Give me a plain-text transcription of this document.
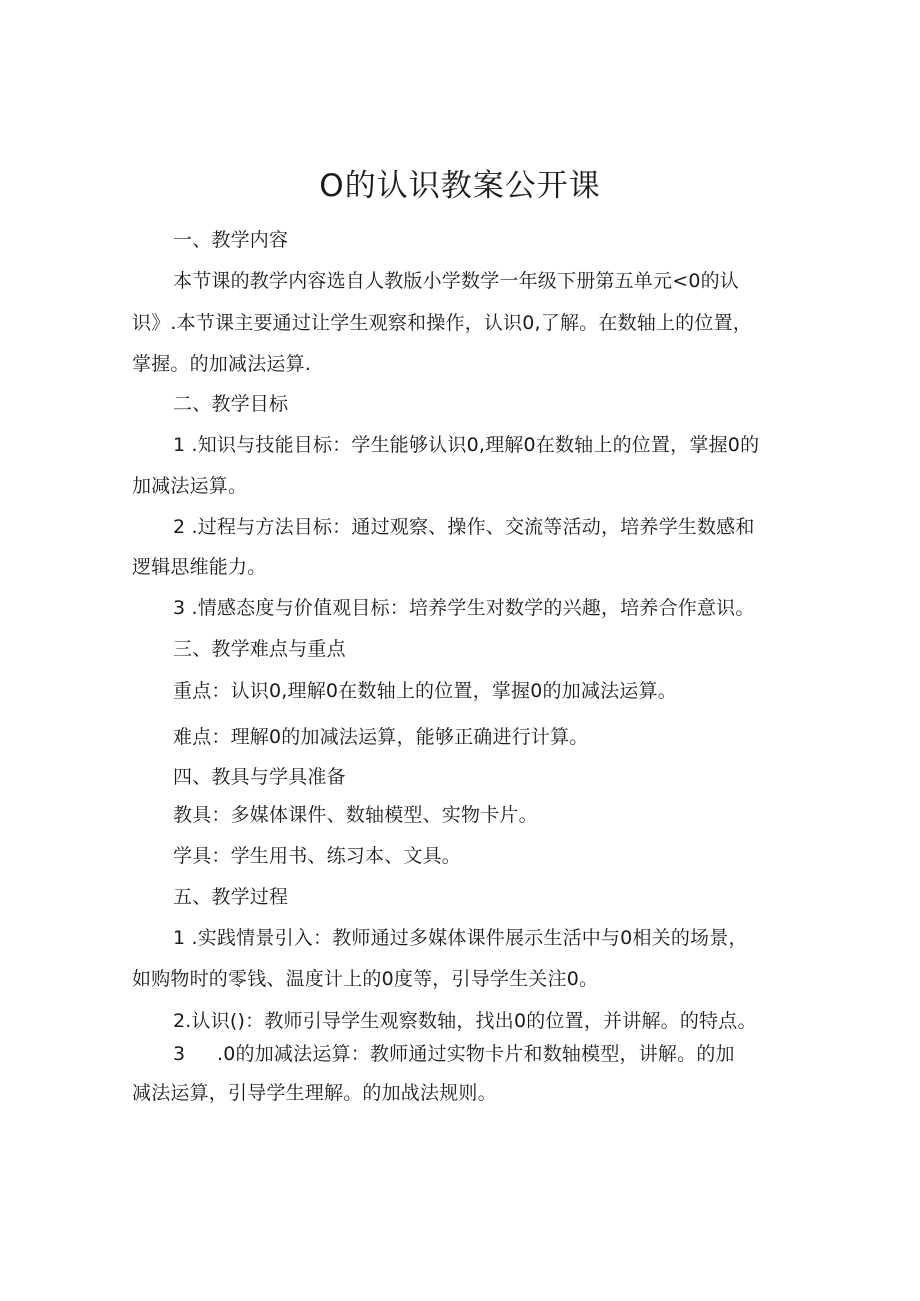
O的认识教案公开课
一、教学内容
本节课的教学内容选自人教版小学数学一年级下册第五单元<0的认
识》.本节课主要通过让学生观察和操作，认识0,了解。在数轴上的位置，
掌握。的加减法运算.
二、教学目标
1 .知识与技能目标：学生能够认识0,理解0在数轴上的位置，掌握0的
加减法运算。
2 .过程与方法目标：通过观察、操作、交流等活动，培养学生数感和
逻辑思维能力。
3 .情感态度与价值观目标：培养学生对数学的兴趣，培养合作意识。
三、教学难点与重点
重点：认识0,理解0在数轴上的位置，掌握0的加减法运算。
难点：理解0的加减法运算，能够正确进行计算。
四、教具与学具准备
教具：多媒体课件、数轴模型、实物卡片。
学具：学生用书、练习本、文具。
五、教学过程
1 .实践情景引入：教师通过多媒体课件展示生活中与0相关的场景，
如购物时的零钱、温度计上的0度等，引导学生关注0。
2.认识()：教师引导学生观察数轴，找出0的位置，并讲解。的特点。
3 .0的加减法运算：教师通过实物卡片和数轴模型，讲解。的加
减法运算，引导学生理解。的加战法规则。
